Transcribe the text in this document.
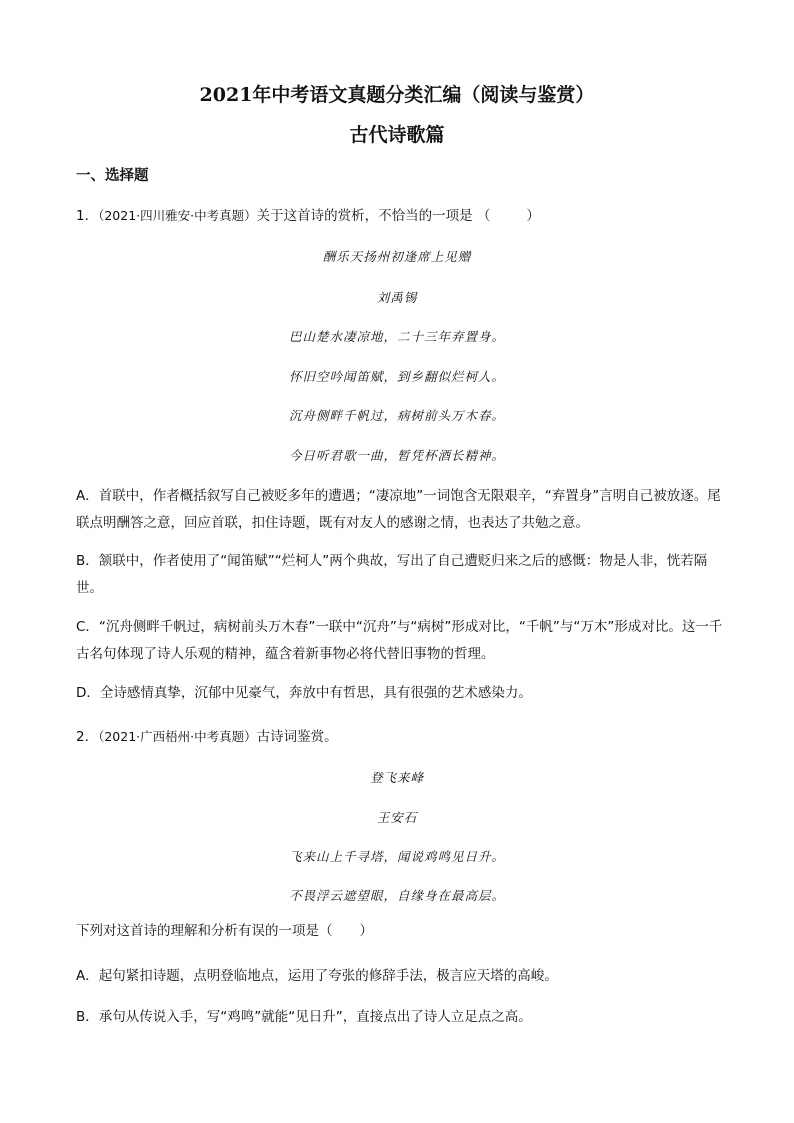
2021年中考语文真题分类汇编（阅读与鉴赏）
古代诗歌篇
一、选择题
1．（2021·四川雅安·中考真题）关于这首诗的赏析，不恰当的一项是 （	）
酬乐天扬州初逢席上见赠
刘禹锡
巴山楚水凄凉地，二十三年弃置身。
怀旧空吟闻笛赋，到乡翻似烂柯人。
沉舟侧畔千帆过，病树前头万木春。
今日听君歌一曲，暂凭杯酒长精神。
A．首联中，作者概括叙写自己被贬多年的遭遇；“凄凉地”一词饱含无限艰辛，“弃置身”言明自己被放逐。尾联点明酬答之意，回应首联，扣住诗题，既有对友人的感谢之情，也表达了共勉之意。
B．颔联中，作者使用了“闻笛赋”“烂柯人”两个典故，写出了自己遭贬归来之后的感慨：物是人非，恍若隔世。
C．“沉舟侧畔千帆过，病树前头万木春”一联中“沉舟”与“病树”形成对比，“千帆”与“万木”形成对比。这一千古名句体现了诗人乐观的精神，蕴含着新事物必将代替旧事物的哲理。
D．全诗感情真挚，沉郁中见豪气，奔放中有哲思，具有很强的艺术感染力。
2．（2021·广西梧州·中考真题）古诗词鉴赏。
登飞来峰
王安石
飞来山上千寻塔，闻说鸡鸣见日升。
不畏浮云遮望眼，自缘身在最高层。
下列对这首诗的理解和分析有误的一项是（　　）
A．起句紧扣诗题，点明登临地点，运用了夸张的修辞手法，极言应天塔的高峻。
B．承句从传说入手，写“鸡鸣”就能“见日升”，直接点出了诗人立足点之高。
